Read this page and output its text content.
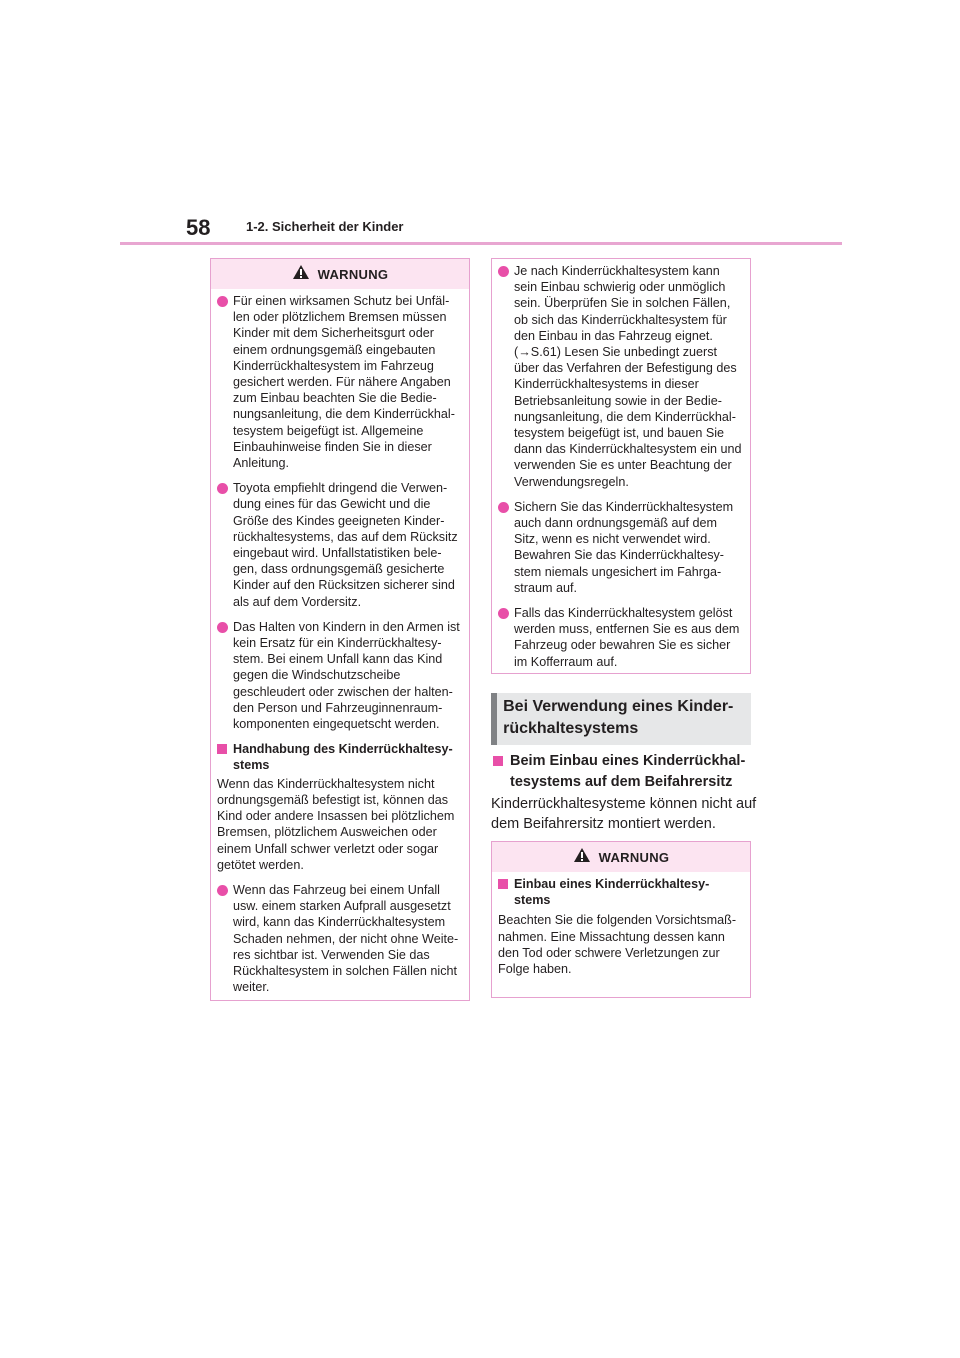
58	1-2. Sicherheit der Kinder
WARNUNG
Für einen wirksamen Schutz bei Unfäl-len oder plötzlichem Bremsen müssen Kinder mit dem Sicherheitsgurt oder einem ordnungsgemäß eingebauten Kinderrückhaltesystem im Fahrzeug gesichert werden. Für nähere Angaben zum Einbau beachten Sie die Bedie-nungsanleitung, die dem Kinderrückhal-tesystem beigefügt ist. Allgemeine Einbauhinweise finden Sie in dieser Anleitung.
Toyota empfiehlt dringend die Verwen-dung eines für das Gewicht und die Größe des Kindes geeigneten Kinder-rückhaltesystems, das auf dem Rücksitz eingebaut wird. Unfallstatistiken bele-gen, dass ordnungsgemäß gesicherte Kinder auf den Rücksitzen sicherer sind als auf dem Vordersitz.
Das Halten von Kindern in den Armen ist kein Ersatz für ein Kinderrückhaltesy-stem. Bei einem Unfall kann das Kind gegen die Windschutzscheibe geschleudert oder zwischen der halten-den Person und Fahrzeuginnenraum-komponenten eingequetscht werden.
Handhabung des Kinderrückhaltesy-stems
Wenn das Kinderrückhaltesystem nicht ordnungsgemäß befestigt ist, können das Kind oder andere Insassen bei plötzlichem Bremsen, plötzlichem Ausweichen oder einem Unfall schwer verletzt oder sogar getötet werden.
Wenn das Fahrzeug bei einem Unfall usw. einem starken Aufprall ausgesetzt wird, kann das Kinderrückhaltesystem Schaden nehmen, der nicht ohne Weite-res sichtbar ist. Verwenden Sie das Rückhaltesystem in solchen Fällen nicht weiter.
Je nach Kinderrückhaltesystem kann sein Einbau schwierig oder unmöglich sein. Überprüfen Sie in solchen Fällen, ob sich das Kinderrückhaltesystem für den Einbau in das Fahrzeug eignet. (→S.61) Lesen Sie unbedingt zuerst über das Verfahren der Befestigung des Kinderrückhaltesystems in dieser Betriebsanleitung sowie in der Bedie-nungsanleitung, die dem Kinderrückhal-tesystem beigefügt ist, und bauen Sie dann das Kinderrückhaltesystem ein und verwenden Sie es unter Beachtung der Verwendungsregeln.
Sichern Sie das Kinderrückhaltesystem auch dann ordnungsgemäß auf dem Sitz, wenn es nicht verwendet wird. Bewahren Sie das Kinderrückhaltesy-stem niemals ungesichert im Fahrga-straum auf.
Falls das Kinderrückhaltesystem gelöst werden muss, entfernen Sie es aus dem Fahrzeug oder bewahren Sie es sicher im Kofferraum auf.
Bei Verwendung eines Kinder-rückhaltesystems
Beim Einbau eines Kinderrückhal-tesystems auf dem Beifahrersitz
Kinderrückhaltesysteme können nicht auf dem Beifahrersitz montiert werden.
WARNUNG
Einbau eines Kinderrückhaltesy-stems
Beachten Sie die folgenden Vorsichtsmaß-nahmen. Eine Missachtung dessen kann den Tod oder schwere Verletzungen zur Folge haben.
